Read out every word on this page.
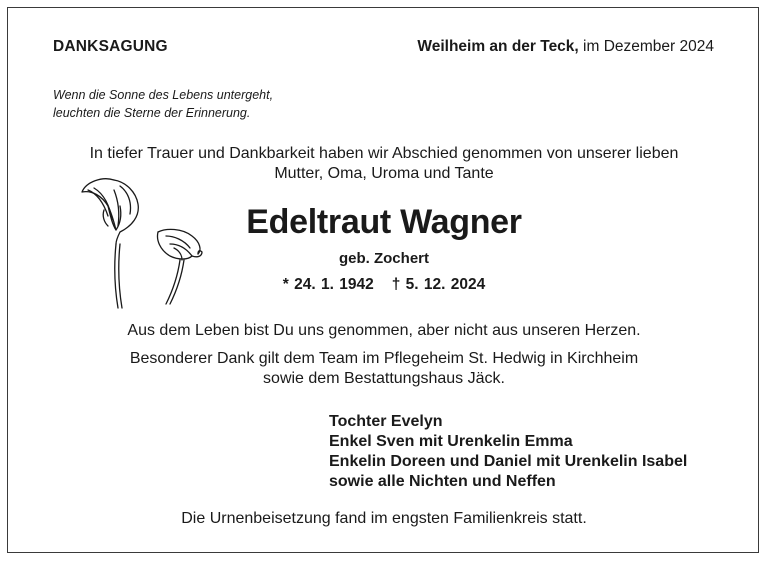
DANKSAGUNG	Weilheim an der Teck, im Dezember 2024
Wenn die Sonne des Lebens untergeht,
leuchten die Sterne der Erinnerung.
In tiefer Trauer und Dankbarkeit haben wir Abschied genommen von unserer lieben
Mutter, Oma, Uroma und Tante
Edeltraut Wagner
geb. Zochert
* 24. 1. 1942 † 5. 12. 2024
Aus dem Leben bist Du uns genommen, aber nicht aus unseren Herzen.
Besonderer Dank gilt dem Team im Pflegeheim St. Hedwig in Kirchheim
sowie dem Bestattungshaus Jäck.
Tochter Evelyn
Enkel Sven mit Urenkelin Emma
Enkelin Doreen und Daniel mit Urenkelin Isabel
sowie alle Nichten und Neffen
Die Urnenbeisetzung fand im engsten Familienkreis statt.
